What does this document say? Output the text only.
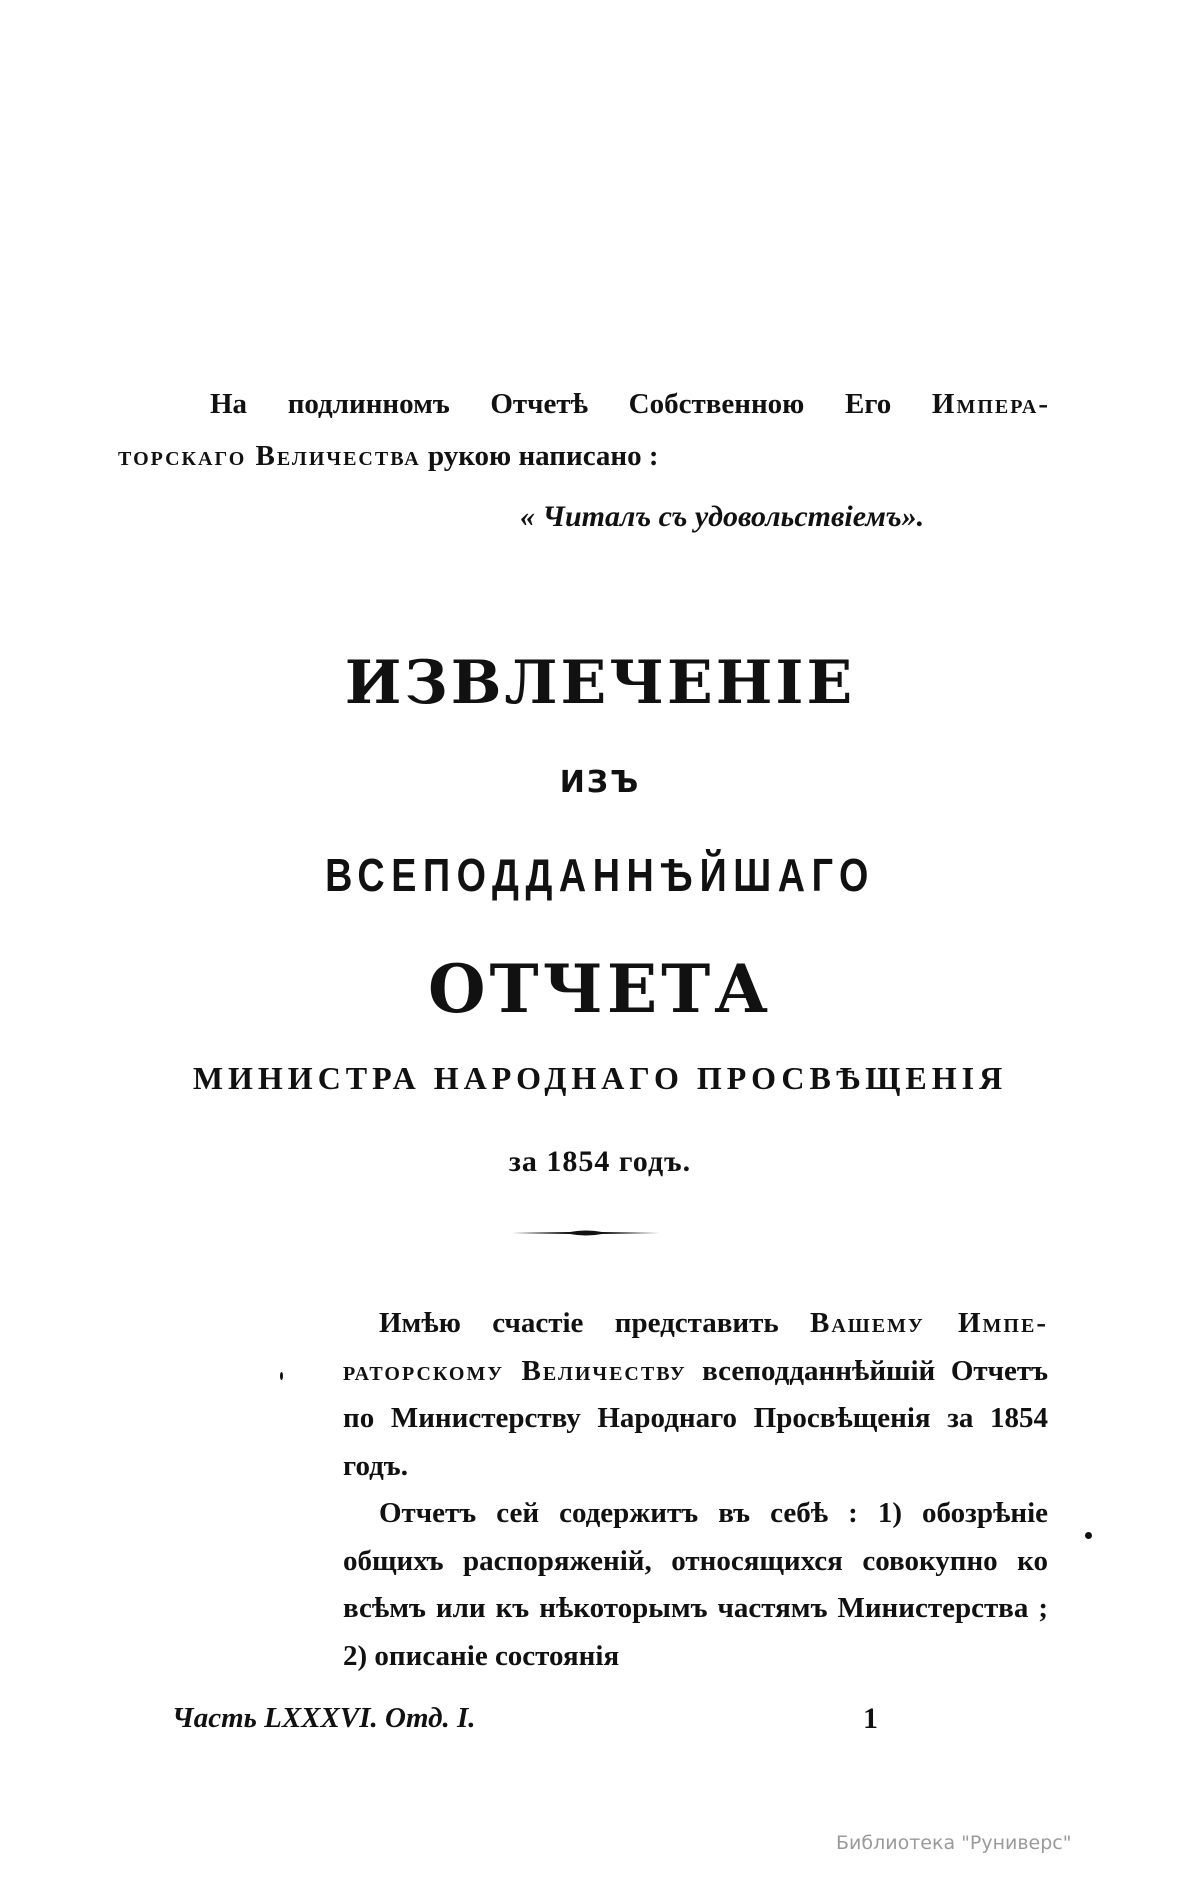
На подлинномъ Отчетѣ Собственною Его Импера-
торскаго Величества рукою написано :
« Читалъ съ удовольствіемъ».
ИЗВЛЕЧЕНІЕ
ИЗЪ
ВСЕПОДДАННѢЙШАГО
ОТЧЕТА
МИНИСТРА НАРОДНАГО ПРОСВѢЩЕНІЯ
за 1854 годъ.

Имѣю счастіе представить Вашему Импе-раторскому Величеству всеподданнѣйшій Отчетъ по Министерству Народнаго Просвѣщенія за 1854 годъ.

Отчетъ сей содержитъ въ себѣ : 1) обозрѣніе общихъ распоряженій, относящихся совокупно ко всѣмъ или къ нѣкоторымъ частямъ Министерства ; 2) описаніе состоянія

Часть LXXXVI. Отд. I.	1
Библиотека "Руниверс"
